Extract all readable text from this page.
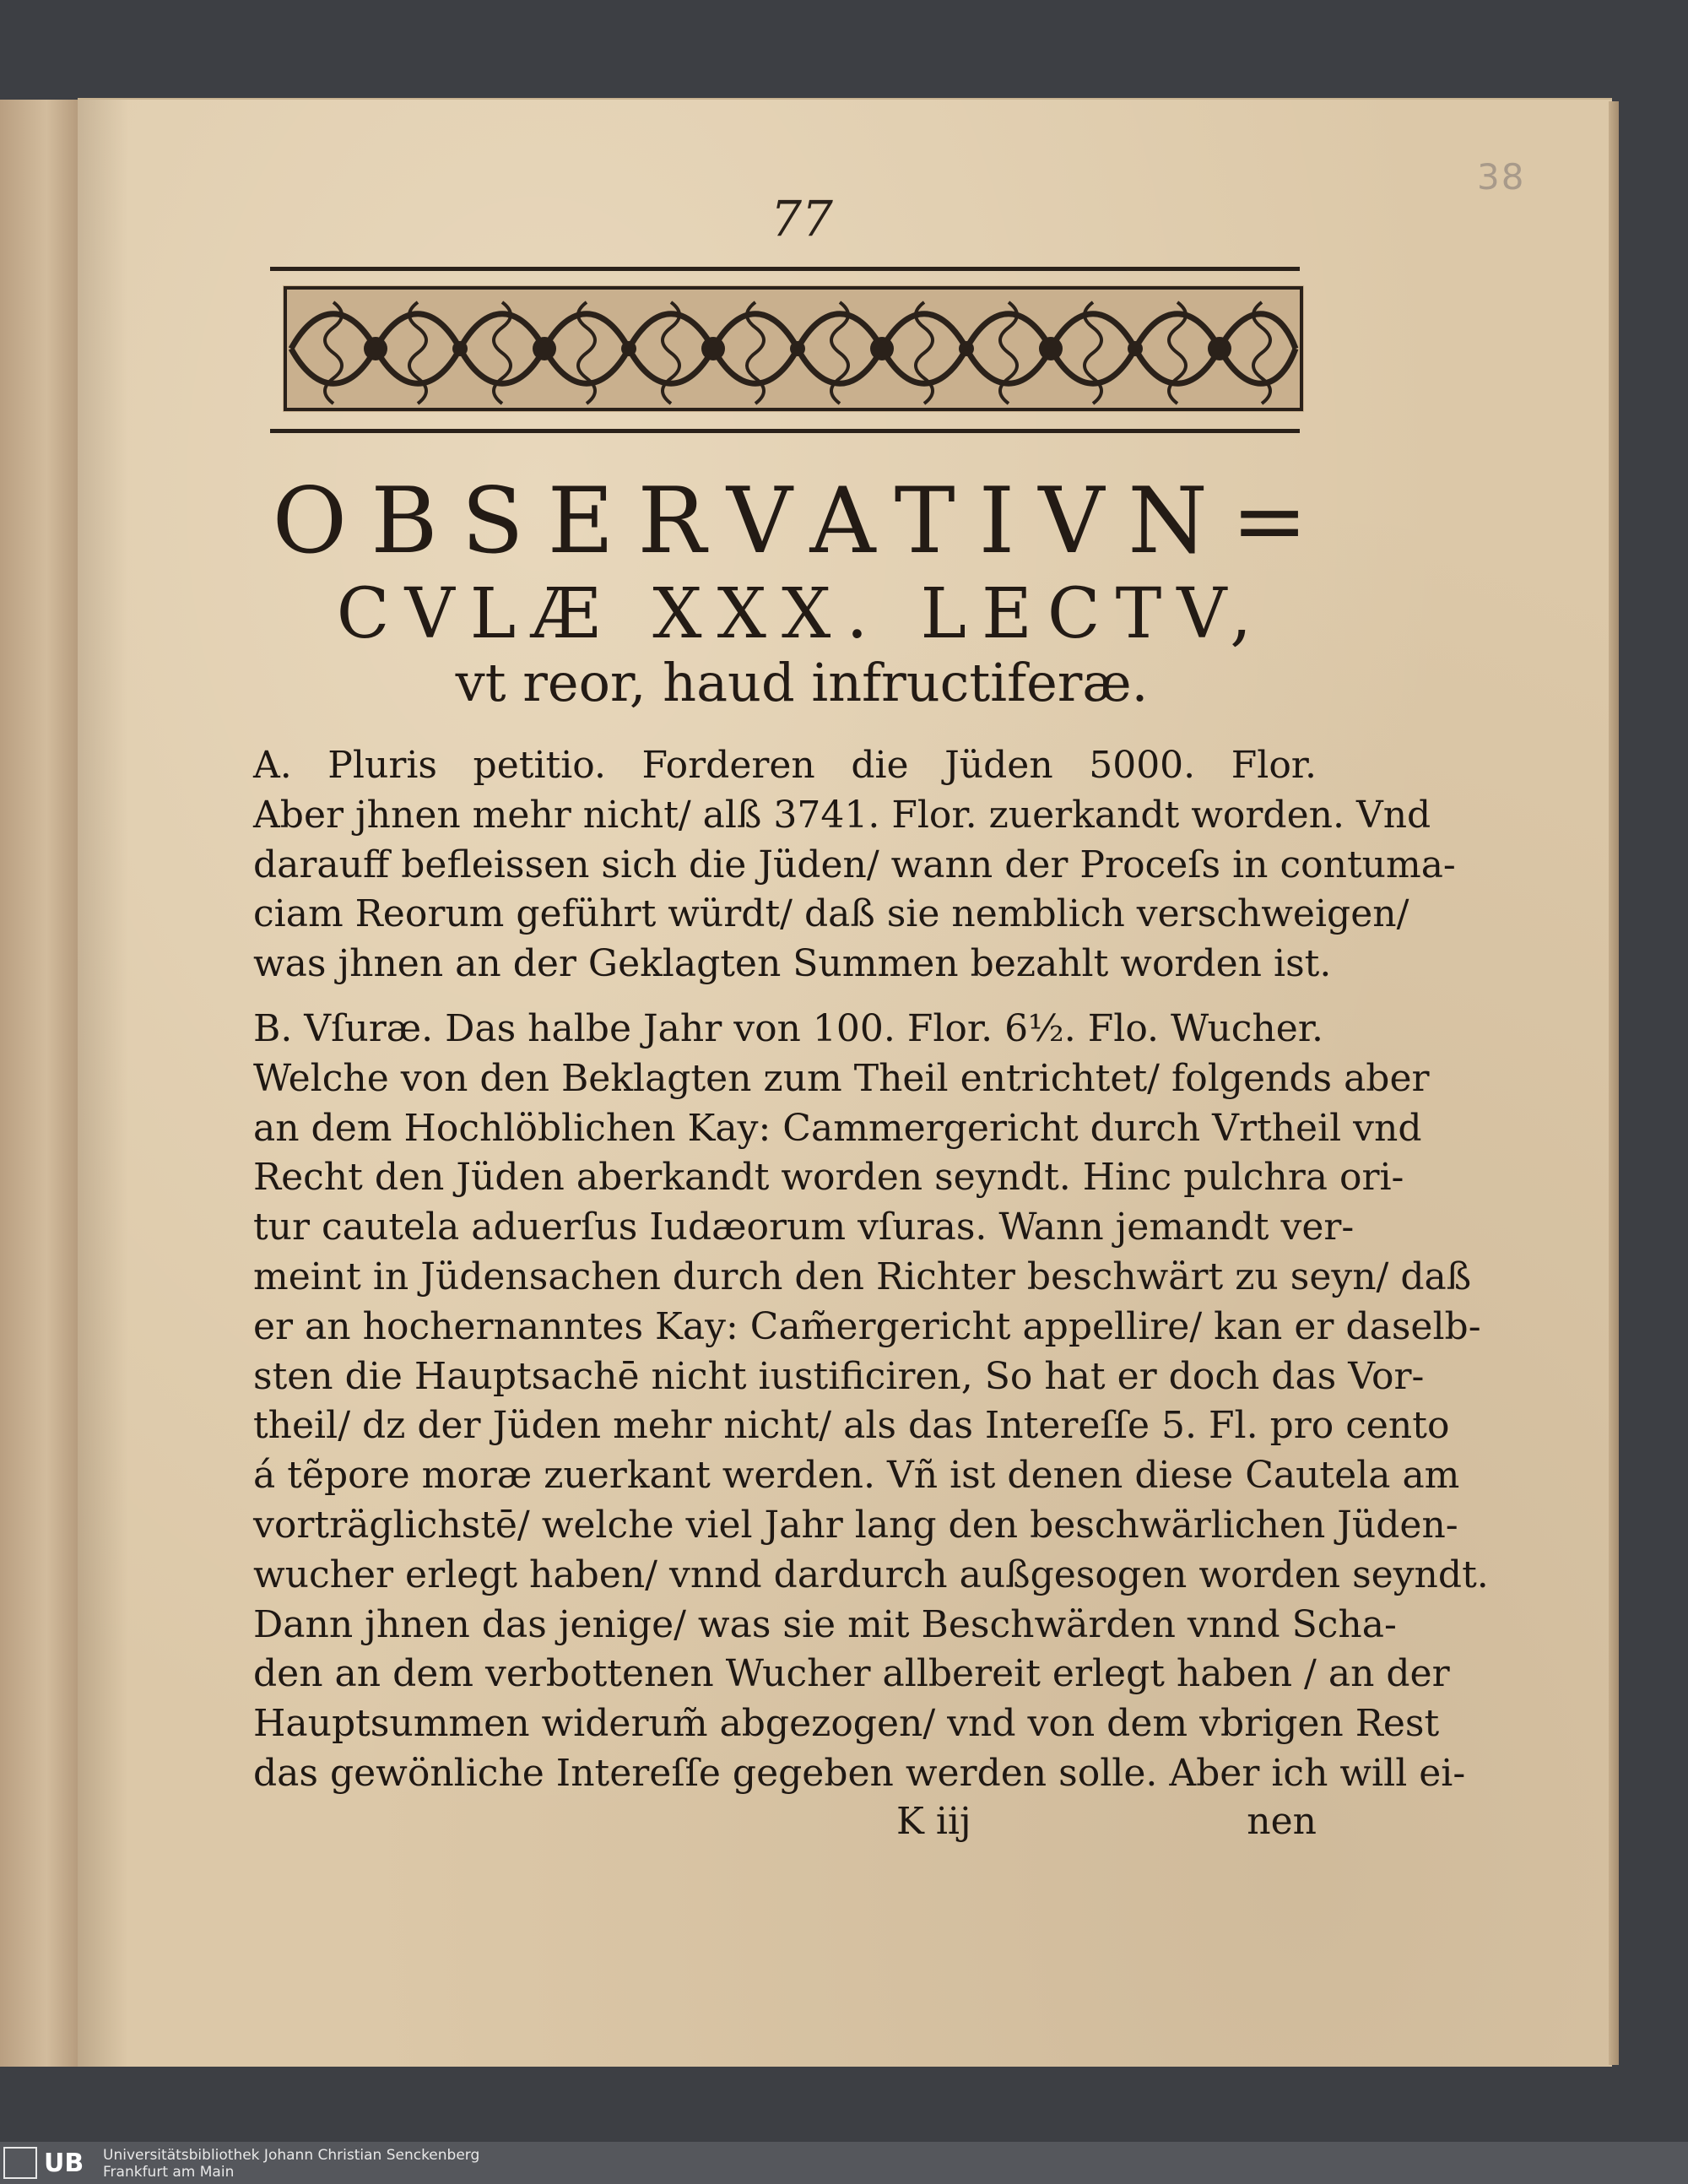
38
77
OBSERVATIVN=
CVLÆ XXX. LECTV,
vt reor, haud infructiferæ.
A. Pluris petitio. Forderen die Jüden 5000. Flor.
Aber jhnen mehr nicht/ alß 3741. Flor. zuerkandt worden. Vnd
darauff befleissen sich die Jüden/ wann der Proceſs in contuma-
ciam Reorum geführt würdt/ daß sie nemblich verschweigen/
was jhnen an der Geklagten Summen bezahlt worden ist.
B. Vſuræ. Das halbe Jahr von 100. Flor. 6½. Flo. Wucher.
Welche von den Beklagten zum Theil entrichtet/ folgends aber
an dem Hochlöblichen Kay: Cammergericht durch Vrtheil vnd
Recht den Jüden aberkandt worden seyndt. Hinc pulchra ori-
tur cautela aduerſus Iudæorum vſuras. Wann jemandt ver-
meint in Jüdensachen durch den Richter beschwärt zu seyn/ daß
er an hochernanntes Kay: Cam̃ergericht appellire/ kan er daselb-
sten die Hauptsachē nicht iustificiren, So hat er doch das Vor-
theil/ dz der Jüden mehr nicht/ als das Intereſſe 5. Fl. pro cento
á tẽpore moræ zuerkant werden. Vñ ist denen diese Cautela am
vorträglichstē/ welche viel Jahr lang den beschwärlichen Jüden-
wucher erlegt haben/ vnnd dardurch außgesogen worden seyndt.
Dann jhnen das jenige/ was sie mit Beschwärden vnnd Scha-
den an dem verbottenen Wucher allbereit erlegt haben / an der
Hauptsummen widerum̃ abgezogen/ vnd von dem vbrigen Rest
das gewönliche Intereſſe gegeben werden solle. Aber ich will ei-
K iij	nen
UB Universitätsbibliothek Johann Christian Senckenberg
Frankfurt am Main
